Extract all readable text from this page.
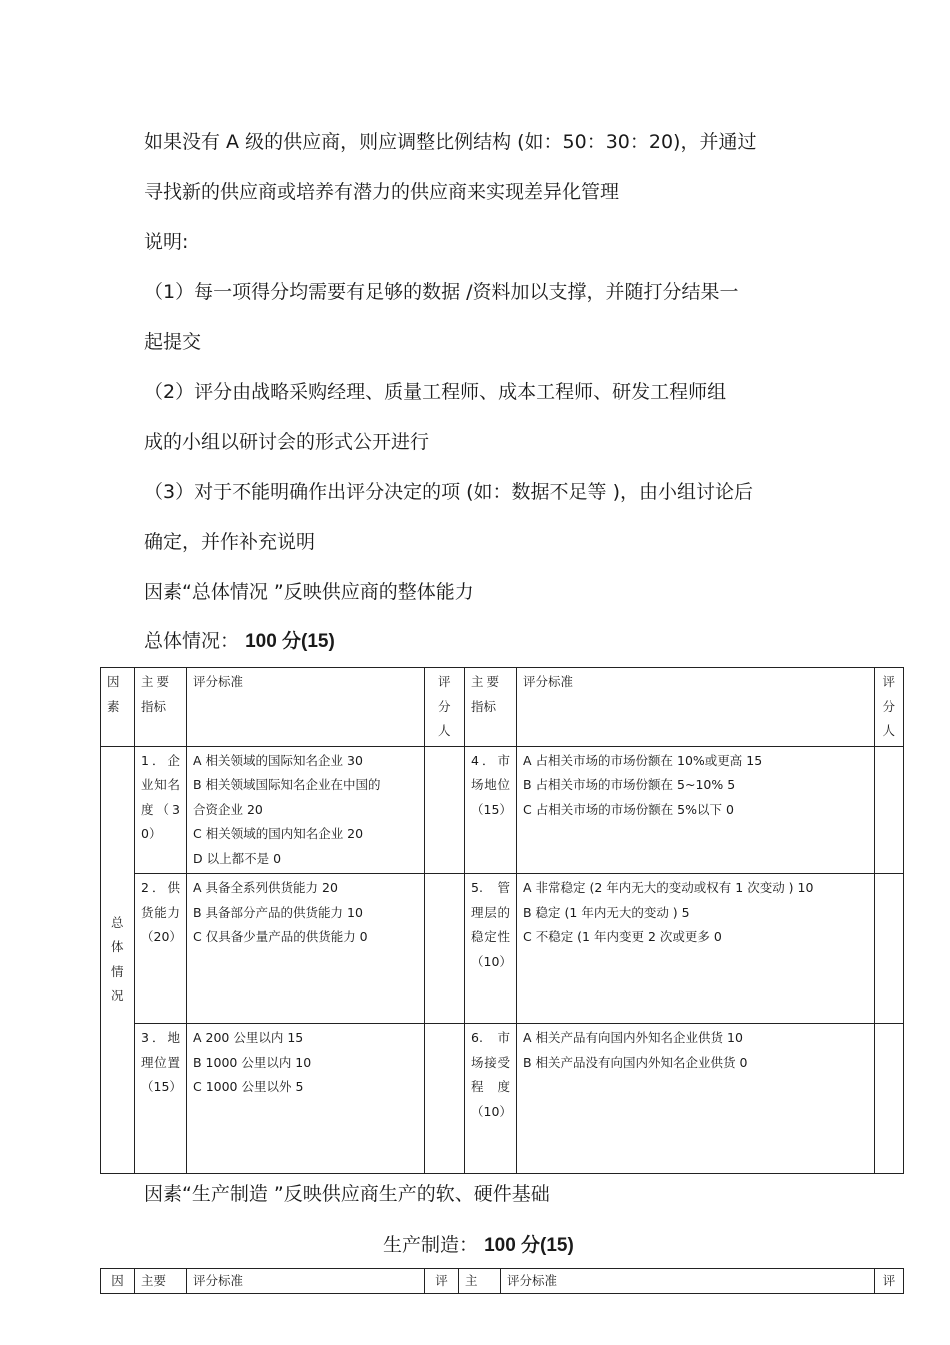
如果没有 A 级的供应商，则应调整比例结构 (如：50：30：20)，并通过
寻找新的供应商或培养有潜力的供应商来实现差异化管理
说明:
（1）每一项得分均需要有足够的数据 /资料加以支撑，并随打分结果一
起提交
（2）评分由战略采购经理、质量工程师、成本工程师、研发工程师组
成的小组以研讨会的形式公开进行
（3）对于不能明确作出评分决定的项 (如：数据不足等 )，由小组讨论后
确定，并作补充说明
因素“总体情况 ”反映供应商的整体能力
总体情况： 100 分(15)
因素	主要指标	评分标准	评分人	主要指标	评分标准	评分人

总体情况	1．企业知名度（30）	A 相关领域的国际知名企业 30
B 相关领域国际知名企业在中国的
合资企业 20
C 相关领域的国内知名企业 20
D 以上都不是 0		4．市场地位（15）	A 占相关市场的市场份额在 10%或更高 15
B 占相关市场的市场份额在 5~10% 5
C 占相关市场的市场份额在 5%以下 0	

	2．供货能力（20）	A 具备全系列供货能力 20
B 具备部分产品的供货能力 10
C 仅具备少量产品的供货能力 0		5. 管理层的稳定性（10）	A 非常稳定 (2 年内无大的变动或权有 1 次变动 ) 10
B 稳定 (1 年内无大的变动 ) 5
C 不稳定 (1 年内变更 2 次或更多 0	

	3．地理位置（15）	A 200 公里以内 15
B 1000 公里以内 10
C 1000 公里以外 5		6. 市场接受程度（10）	A 相关产品有向国内外知名企业供货 10
B 相关产品没有向国内外知名企业供货 0	

因素“生产制造 ”反映供应商生产的软、硬件基础
生产制造： 100 分(15)
因	主要	评分标准	评	主	评分标准	评
